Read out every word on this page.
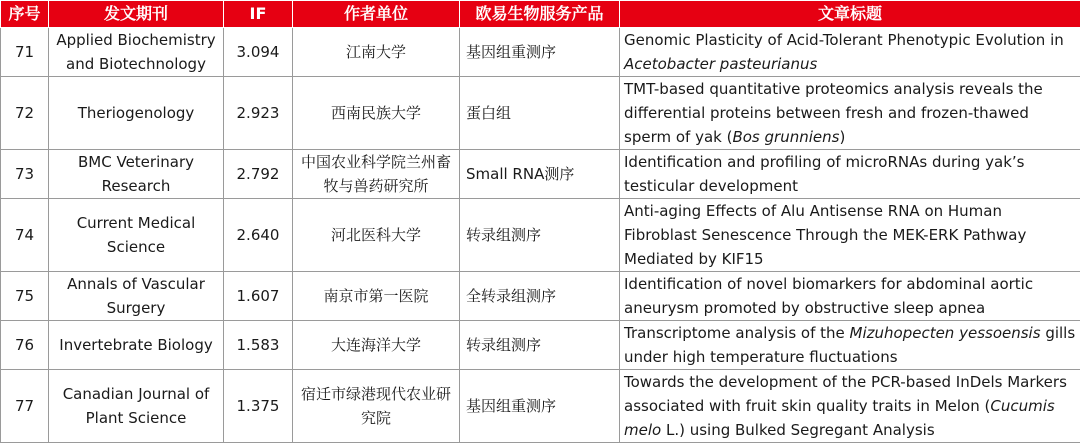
序号	发文期刊	IF	作者单位	欧易生物服务产品	文章标题
71	Applied Biochemistry and Biotechnology	3.094	江南大学	基因组重测序	Genomic Plasticity of Acid-Tolerant Phenotypic Evolution in Acetobacter pasteurianus
72	Theriogenology	2.923	西南民族大学	蛋白组	TMT-based quantitative proteomics analysis reveals the differential proteins between fresh and frozen-thawed sperm of yak (Bos grunniens)
73	BMC Veterinary Research	2.792	中国农业科学院兰州畜牧与兽药研究所	Small RNA测序	Identification and profiling of microRNAs during yak’s testicular development
74	Current Medical Science	2.640	河北医科大学	转录组测序	Anti-aging Effects of Alu Antisense RNA on Human Fibroblast Senescence Through the MEK-ERK Pathway Mediated by KIF15
75	Annals of Vascular Surgery	1.607	南京市第一医院	全转录组测序	Identification of novel biomarkers for abdominal aortic aneurysm promoted by obstructive sleep apnea
76	Invertebrate Biology	1.583	大连海洋大学	转录组测序	Transcriptome analysis of the Mizuhopecten yessoensis gills under high temperature fluctuations
77	Canadian Journal of Plant Science	1.375	宿迁市绿港现代农业研究院	基因组重测序	Towards the development of the PCR-based InDels Markers associated with fruit skin quality traits in Melon (Cucumis melo L.) using Bulked Segregant Analysis
